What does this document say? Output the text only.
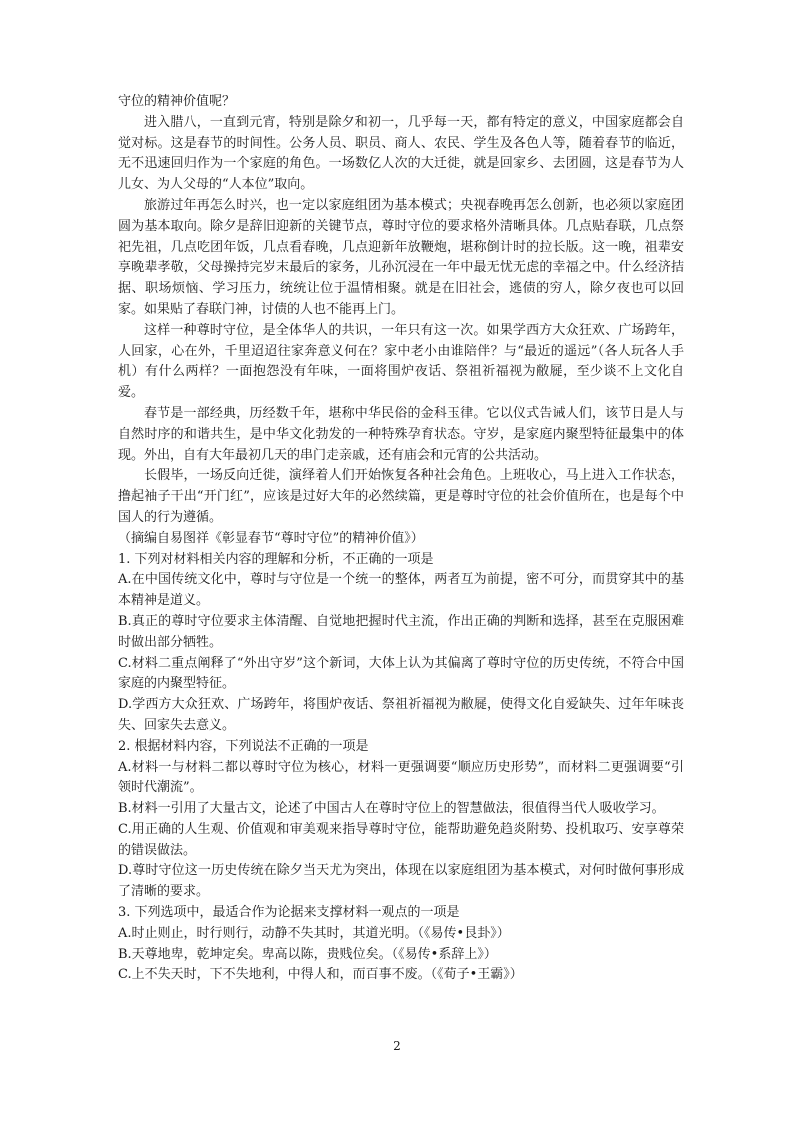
守位的精神价值呢？

进入腊八，一直到元宵，特别是除夕和初一，几乎每一天，都有特定的意义，中国家庭都会自觉对标。这是春节的时间性。公务人员、职员、商人、农民、学生及各色人等，随着春节的临近，无不迅速回归作为一个家庭的角色。一场数亿人次的大迁徙，就是回家乡、去团圆，这是春节为人儿女、为人父母的“人本位”取向。

旅游过年再怎么时兴，也一定以家庭组团为基本模式；央视春晚再怎么创新，也必须以家庭团圆为基本取向。除夕是辞旧迎新的关键节点，尊时守位的要求格外清晰具体。几点贴春联，几点祭祀先祖，几点吃团年饭，几点看春晚，几点迎新年放鞭炮，堪称倒计时的拉长版。这一晚，祖辈安享晚辈孝敬，父母操持完岁末最后的家务，儿孙沉浸在一年中最无忧无虑的幸福之中。什么经济拮据、职场烦恼、学习压力，统统让位于温情相聚。就是在旧社会，逃债的穷人，除夕夜也可以回家。如果贴了春联门神，讨债的人也不能再上门。

这样一种尊时守位，是全体华人的共识，一年只有这一次。如果学西方大众狂欢、广场跨年，人回家，心在外，千里迢迢往家奔意义何在？家中老小由谁陪伴？与“最近的遥远”（各人玩各人手机）有什么两样？一面抱怨没有年味，一面将围炉夜话、祭祖祈福视为敝屣，至少谈不上文化自爱。

春节是一部经典，历经数千年，堪称中华民俗的金科玉律。它以仪式告诫人们，该节日是人与自然时序的和谐共生，是中华文化勃发的一种特殊孕育状态。守岁，是家庭内聚型特征最集中的体现。外出，自有大年最初几天的串门走亲戚，还有庙会和元宵的公共活动。

长假毕，一场反向迁徙，演绎着人们开始恢复各种社会角色。上班收心，马上进入工作状态，撸起袖子干出“开门红”，应该是过好大年的必然续篇，更是尊时守位的社会价值所在，也是每个中国人的行为遵循。

（摘编自易图祥《彰显春节“尊时守位”的精神价值》）

1. 下列对材料相关内容的理解和分析，不正确的一项是

A.在中国传统文化中，尊时与守位是一个统一的整体，两者互为前提，密不可分，而贯穿其中的基本精神是道义。

B.真正的尊时守位要求主体清醒、自觉地把握时代主流，作出正确的判断和选择，甚至在克服困难时做出部分牺牲。

C.材料二重点阐释了“外出守岁”这个新词，大体上认为其偏离了尊时守位的历史传统，不符合中国家庭的内聚型特征。

D.学西方大众狂欢、广场跨年，将围炉夜话、祭祖祈福视为敝屣，使得文化自爱缺失、过年年味丧失、回家失去意义。

2. 根据材料内容，下列说法不正确的一项是

A.材料一与材料二都以尊时守位为核心，材料一更强调要“顺应历史形势”，而材料二更强调要“引领时代潮流”。

B.材料一引用了大量古文，论述了中国古人在尊时守位上的智慧做法，很值得当代人吸收学习。

C.用正确的人生观、价值观和审美观来指导尊时守位，能帮助避免趋炎附势、投机取巧、安享尊荣的错误做法。

D.尊时守位这一历史传统在除夕当天尤为突出，体现在以家庭组团为基本模式，对何时做何事形成了清晰的要求。

3. 下列选项中，最适合作为论据来支撑材料一观点的一项是

A.时止则止，时行则行，动静不失其时，其道光明。（《易传•艮卦》）

B.天尊地卑，乾坤定矣。卑高以陈，贵贱位矣。（《易传•系辞上》）

C.上不失天时，下不失地利，中得人和，而百事不废。（《荀子•王霸》）

2
